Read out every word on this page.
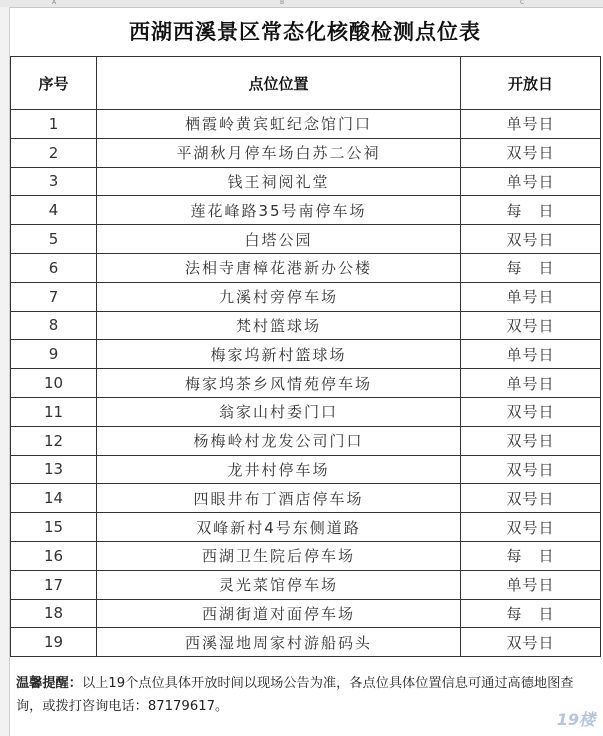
A	B	C
西湖西溪景区常态化核酸检测点位表
序号	点位位置	开放日
1	栖霞岭黄宾虹纪念馆门口	单号日
2	平湖秋月停车场白苏二公祠	双号日
3	钱王祠阅礼堂	单号日
4	莲花峰路35号南停车场	每　日
5	白塔公园	双号日
6	法相寺唐樟花港新办公楼	每　日
7	九溪村旁停车场	单号日
8	梵村篮球场	双号日
9	梅家坞新村篮球场	单号日
10	梅家坞茶乡风情苑停车场	单号日
11	翁家山村委门口	双号日
12	杨梅岭村龙发公司门口	双号日
13	龙井村停车场	双号日
14	四眼井布丁酒店停车场	双号日
15	双峰新村4号东侧道路	双号日
16	西湖卫生院后停车场	每　日
17	灵光菜馆停车场	单号日
18	西湖街道对面停车场	每　日
19	西溪湿地周家村游船码头	双号日
温馨提醒：以上19个点位具体开放时间以现场公告为准，各点位具体位置信息可通过高德地图查询，或拨打咨询电话：87179617。
19楼
